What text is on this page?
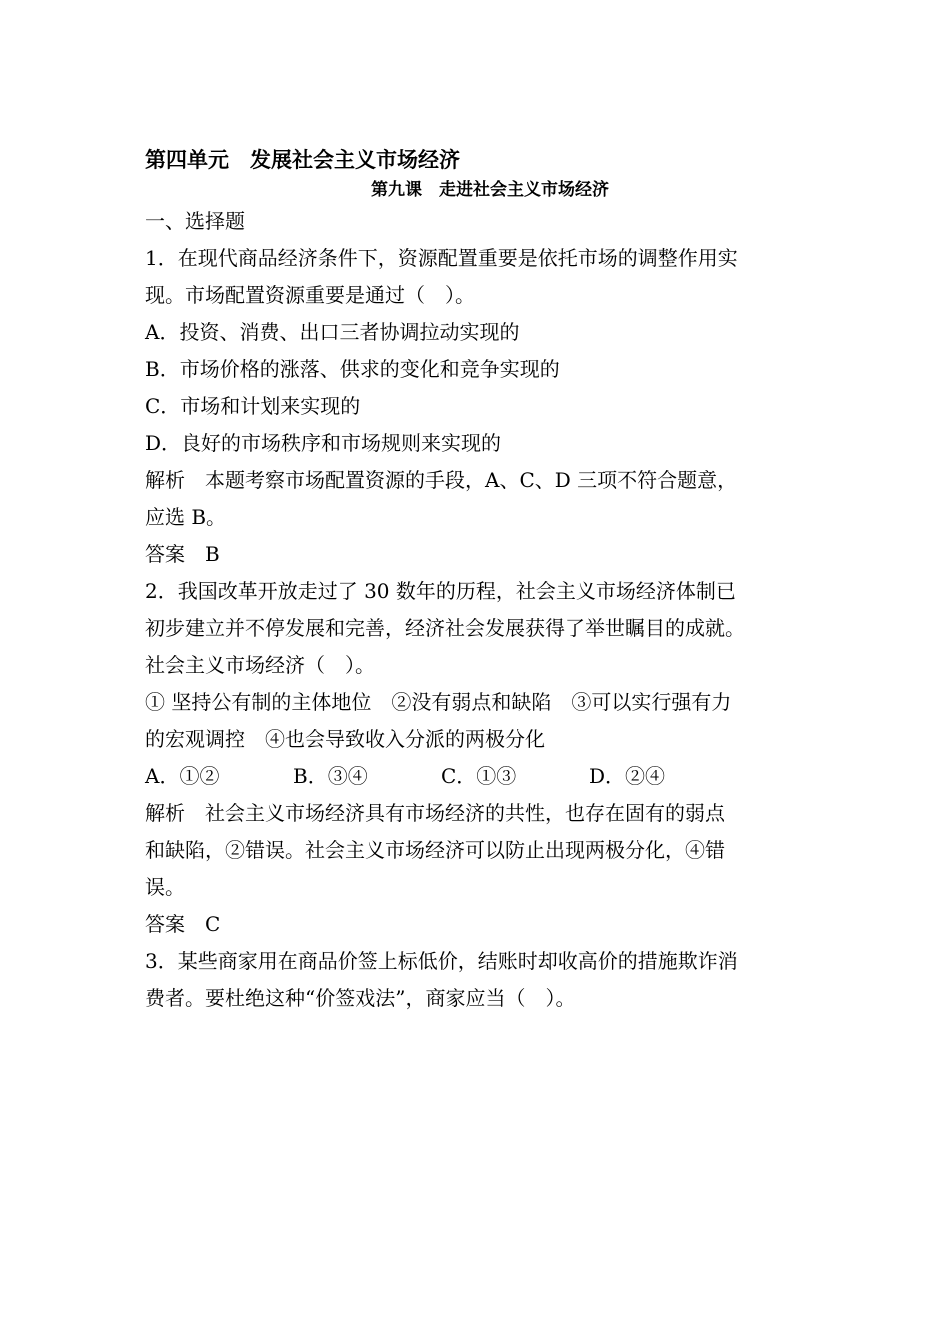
第四单元　发展社会主义市场经济
第九课　走进社会主义市场经济
一、选择题
1．在现代商品经济条件下，资源配置重要是依托市场的调整作用实
现。市场配置资源重要是通过（　）。
A．投资、消费、出口三者协调拉动实现的
B．市场价格的涨落、供求的变化和竞争实现的
C．市场和计划来实现的
D．良好的市场秩序和市场规则来实现的
解析　本题考察市场配置资源的手段，A、C、D 三项不符合题意，
应选 B。
答案　B
2．我国改革开放走过了 30 数年的历程，社会主义市场经济体制已
初步建立并不停发展和完善，经济社会发展获得了举世瞩目的成就。
社会主义市场经济（　）。
① 坚持公有制的主体地位　②没有弱点和缺陷　③可以实行强有力
的宏观调控　④也会导致收入分派的两极分化
A．①②	B．③④	C．①③	D．②④
解析　社会主义市场经济具有市场经济的共性，也存在固有的弱点
和缺陷，②错误。社会主义市场经济可以防止出现两极分化，④错
误。
答案　C
3．某些商家用在商品价签上标低价，结账时却收高价的措施欺诈消
费者。要杜绝这种“价签戏法”，商家应当（　）。
